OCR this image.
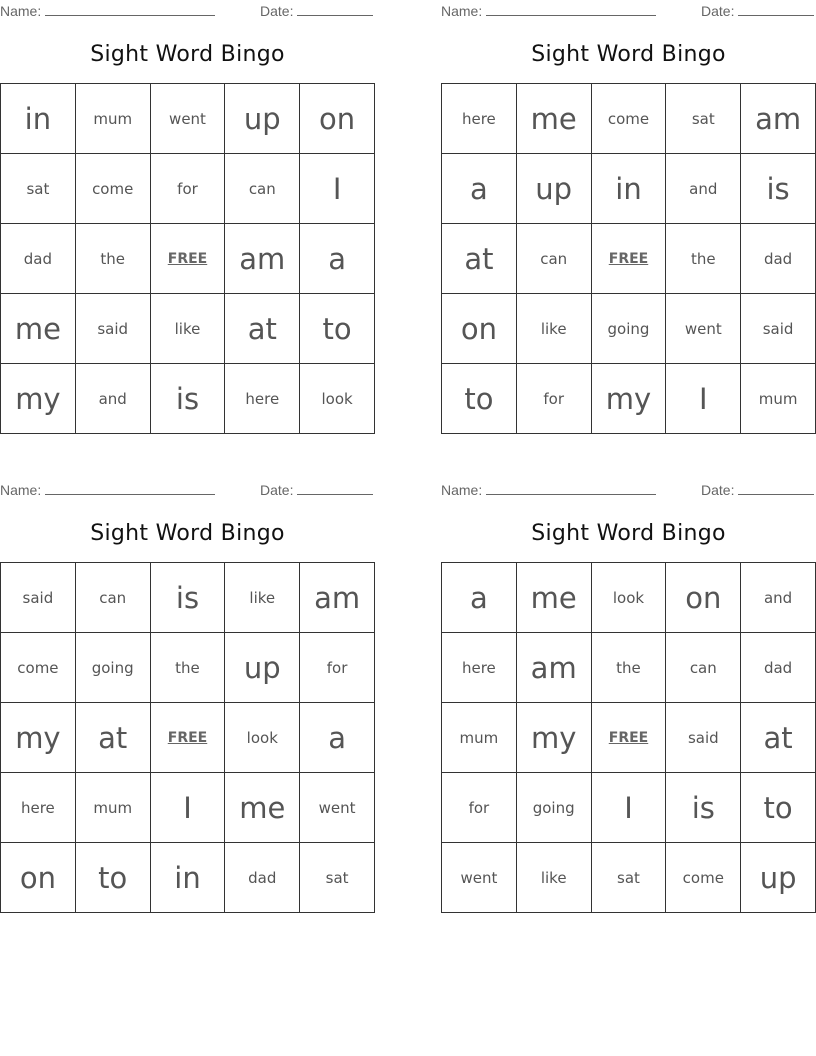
Name:	Date:
Sight Word Bingo
in	mum	went	up	on
sat	come	for	can	I
dad	the	FREE	am	a
me	said	like	at	to
my	and	is	here	look
Name:	Date:
Sight Word Bingo
here	me	come	sat	am
a	up	in	and	is
at	can	FREE	the	dad
on	like	going	went	said
to	for	my	I	mum
Name:	Date:
Sight Word Bingo
said	can	is	like	am
come	going	the	up	for
my	at	FREE	look	a
here	mum	I	me	went
on	to	in	dad	sat
Name:	Date:
Sight Word Bingo
a	me	look	on	and
here	am	the	can	dad
mum	my	FREE	said	at
for	going	I	is	to
went	like	sat	come	up
